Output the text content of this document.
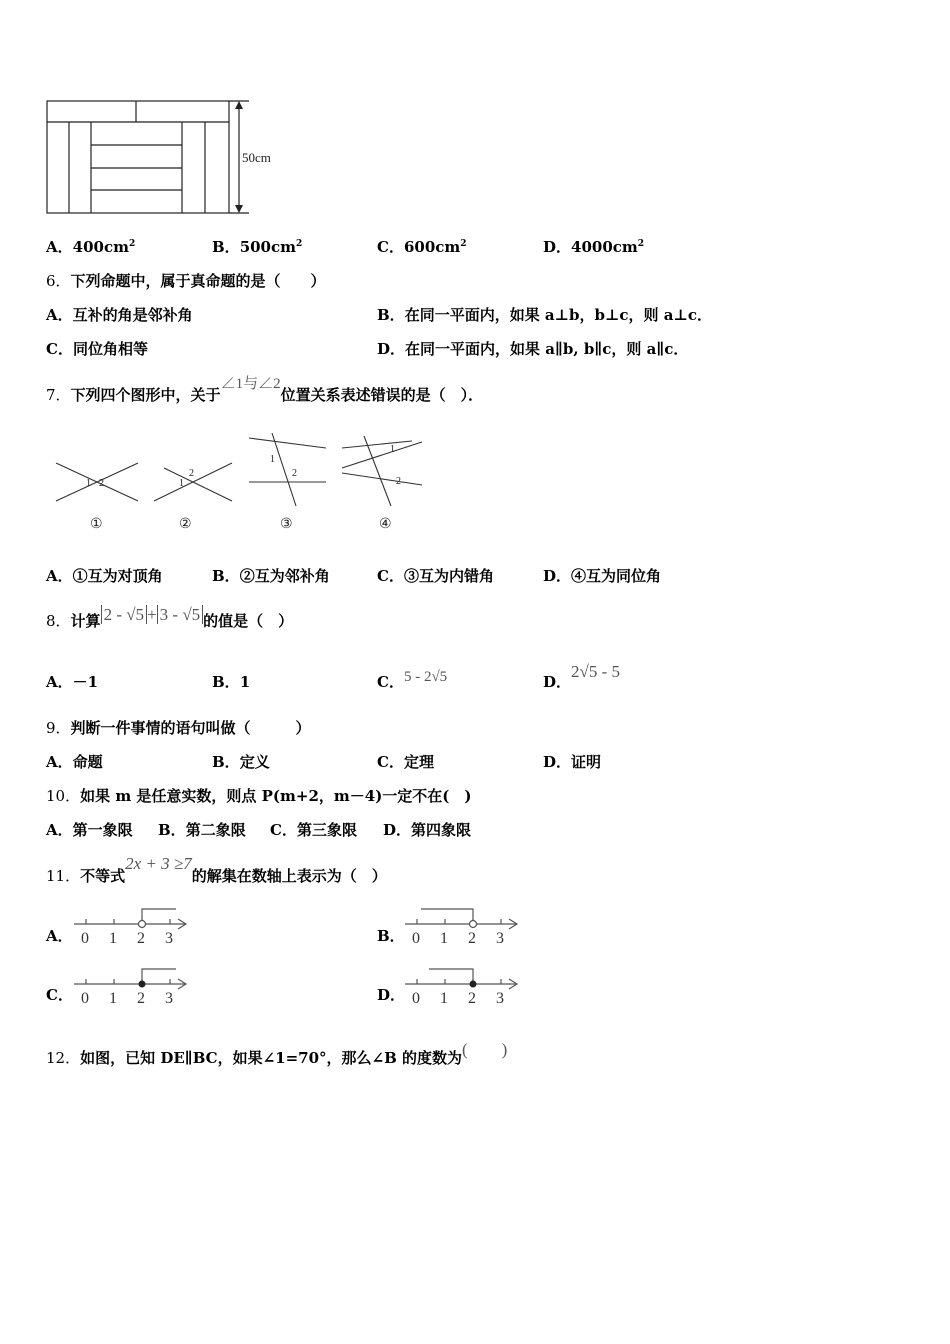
50cm
A．$400cm^2$	B．$500cm^2$	C．$600cm^2$	D．$4000cm^2$
6．下列命题中，属于真命题的是（　　）
A．互补的角是邻补角	B．在同一平面内，如果 a⊥b，b⊥c，则 a⊥c．
C．同位角相等	D．在同一平面内，如果 a∥b, b∥c，则 a∥c．
7．下列四个图形中，关于∠1与∠2位置关系表述错误的是（　）．
1 2	1
2
1
2
1
2
①	②	③	④
A．①互为对顶角	B．②互为邻补角	C．③互为内错角	D．④互为同位角
8．计算 2 - √5 + 3 - √5 的值是（　）
A．－1	B．1	C．5 - 2√5	D．2√5 - 5
9．判断一件事情的语句叫做（　　　）
A．命题	B．定义	C．定理	D．证明
10．如果 m 是任意实数，则点 P(m+2，m－4)一定不在(　)
A．第一象限 B．第二象限 C．第三象限 D．第四象限
11．不等式2x + 3 ≥7的解集在数轴上表示为（　）
A． 0 1 2 3	B． 0 1 2 3
C． 0 1 2 3	D． 0 1 2 3
12．如图，已知 DE∥BC，如果∠1=70°，那么∠B 的度数为(　　)
